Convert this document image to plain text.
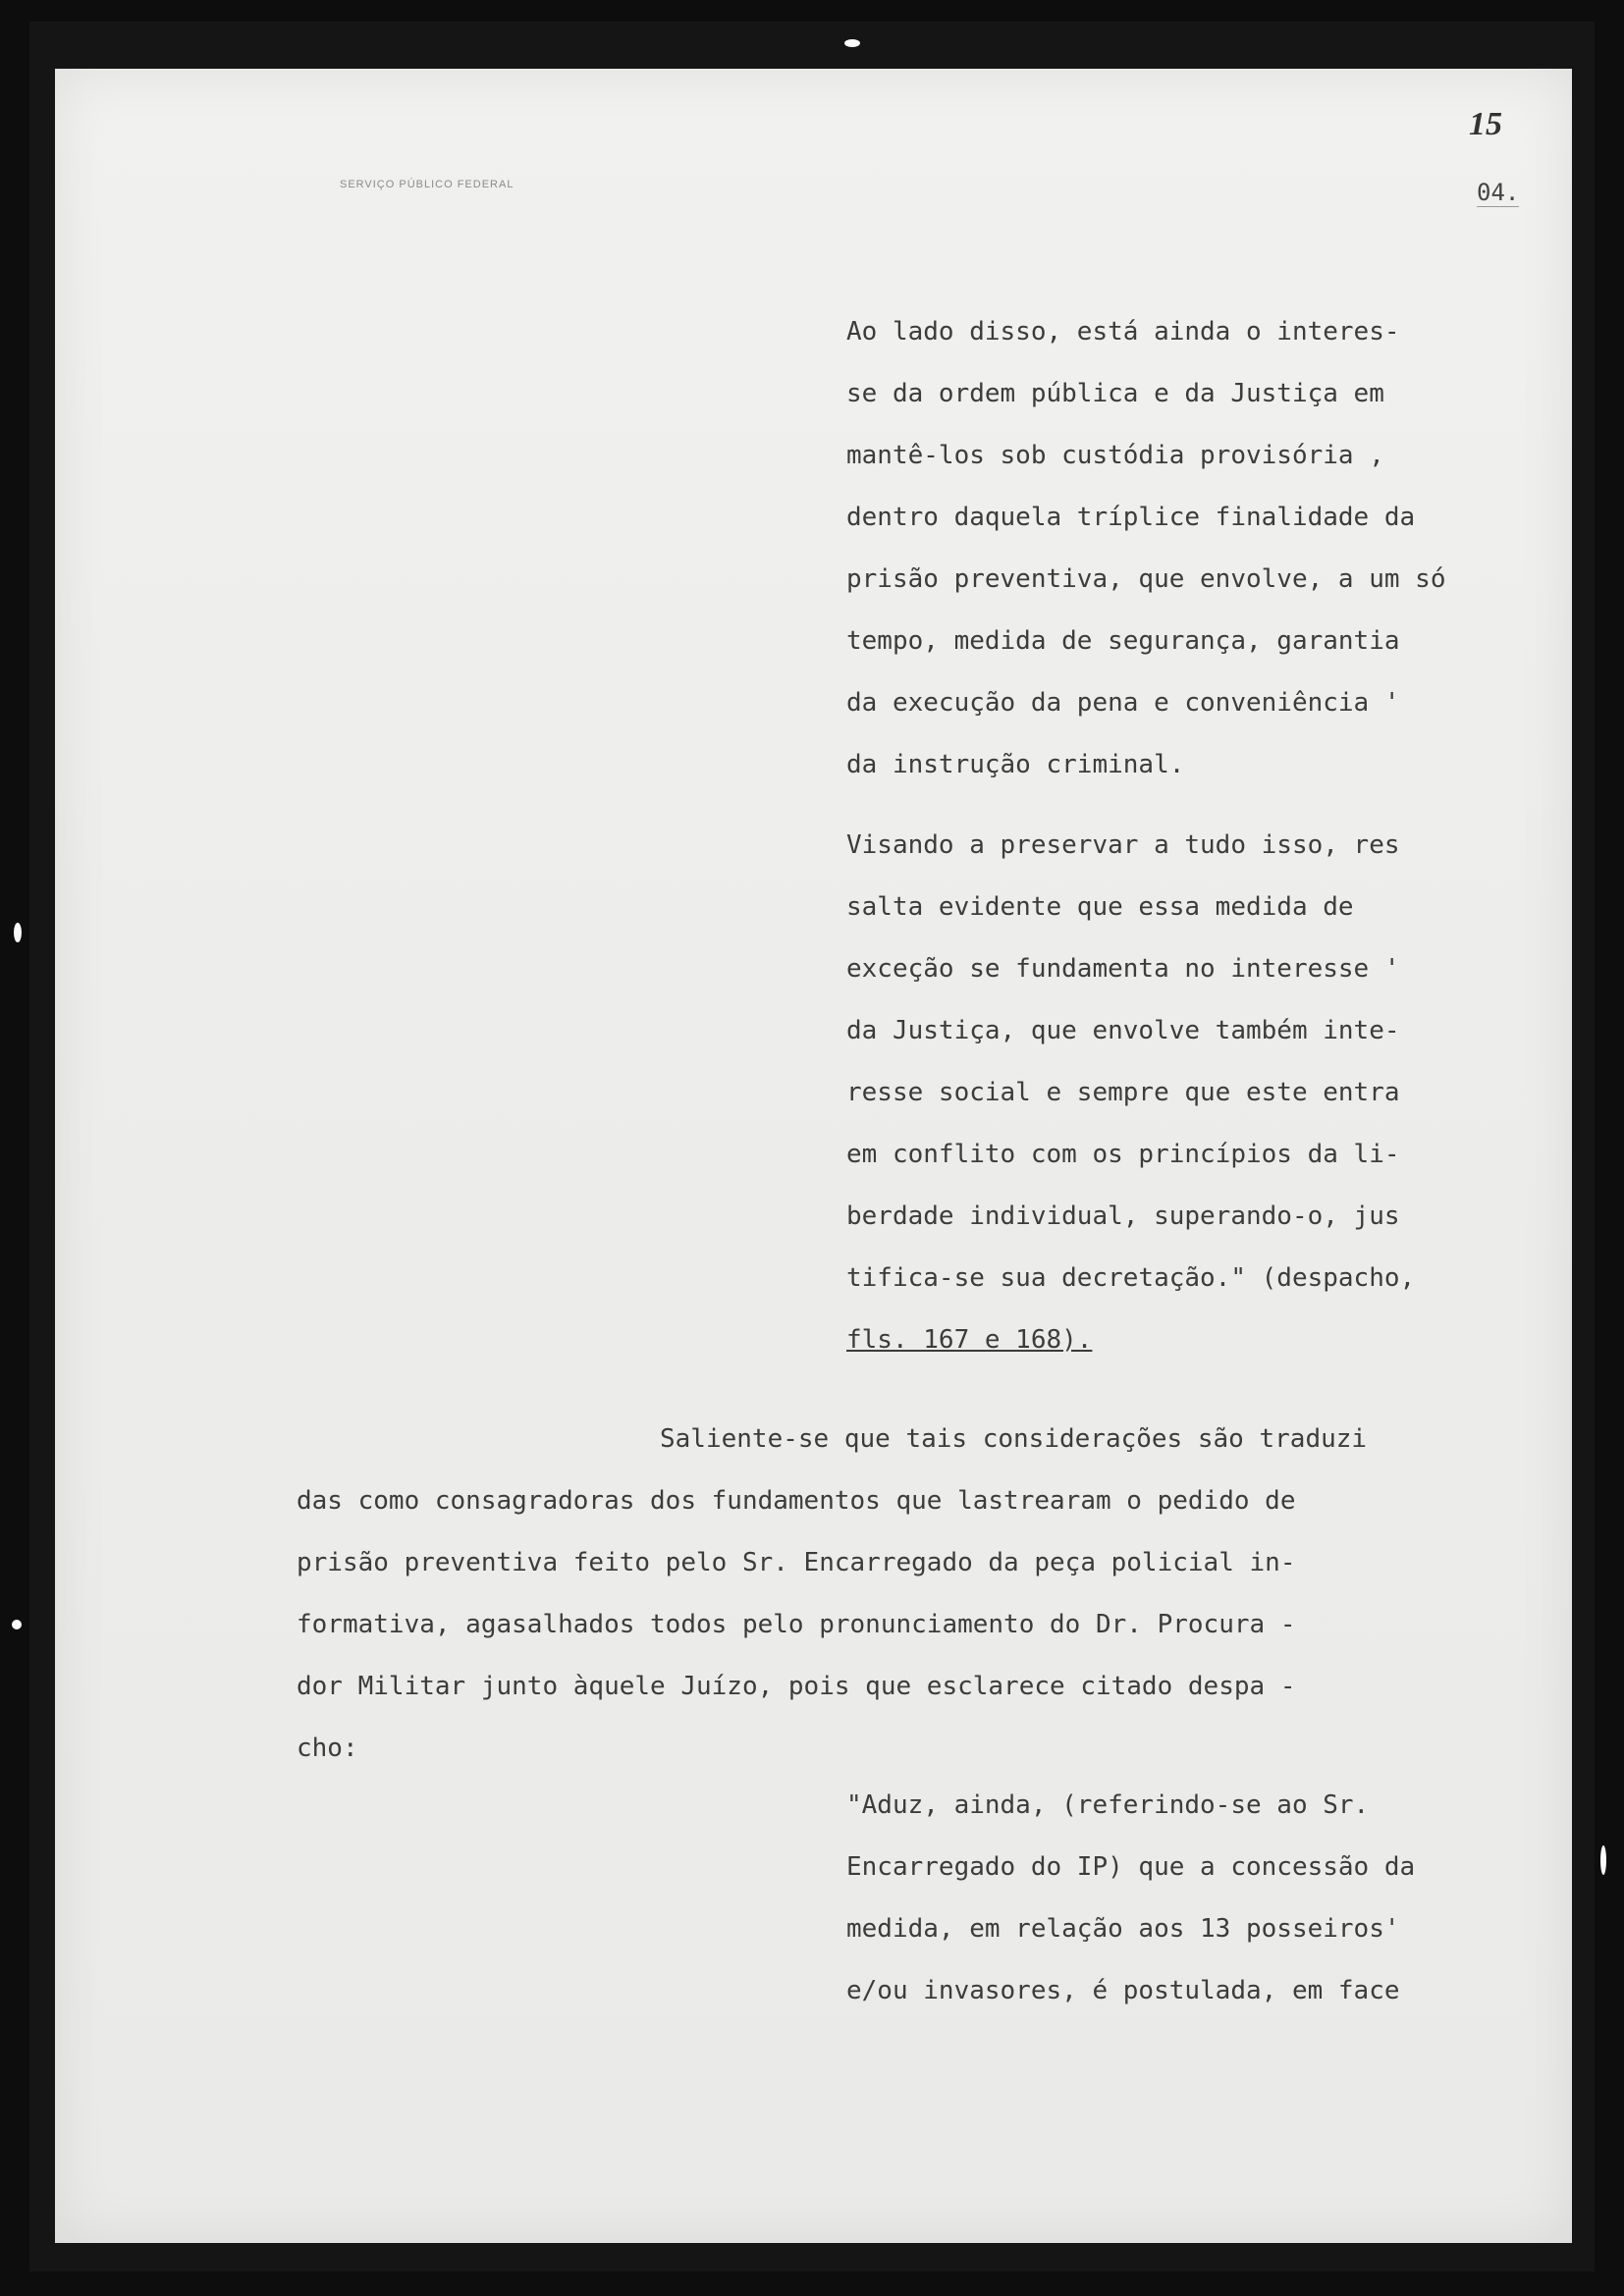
SERVIÇO PÚBLICO FEDERAL
15
04.
Ao lado disso, está ainda o interes-
se da ordem pública e da Justiça em
mantê-los sob custódia provisória ,
dentro daquela tríplice finalidade da
prisão preventiva, que envolve, a um só
tempo, medida de segurança, garantia
da execução da pena e conveniência '
da instrução criminal.
Visando a preservar a tudo isso, res
salta evidente que essa medida de
exceção se fundamenta no interesse '
da Justiça, que envolve também inte-
resse social e sempre que este entra
em conflito com os princípios da li-
berdade individual, superando-o, jus
tifica-se sua decretação." (despacho,
fls. 167 e 168).
Saliente-se que tais considerações são traduzi
das como consagradoras dos fundamentos que lastrearam o pedido de
prisão preventiva feito pelo Sr. Encarregado da peça policial in-
formativa, agasalhados todos pelo pronunciamento do Dr. Procura -
dor Militar junto àquele Juízo, pois que esclarece citado despa -
cho:
"Aduz, ainda, (referindo-se ao Sr.
Encarregado do IP) que a concessão da
medida, em relação aos 13 posseiros'
e/ou invasores, é postulada, em face
